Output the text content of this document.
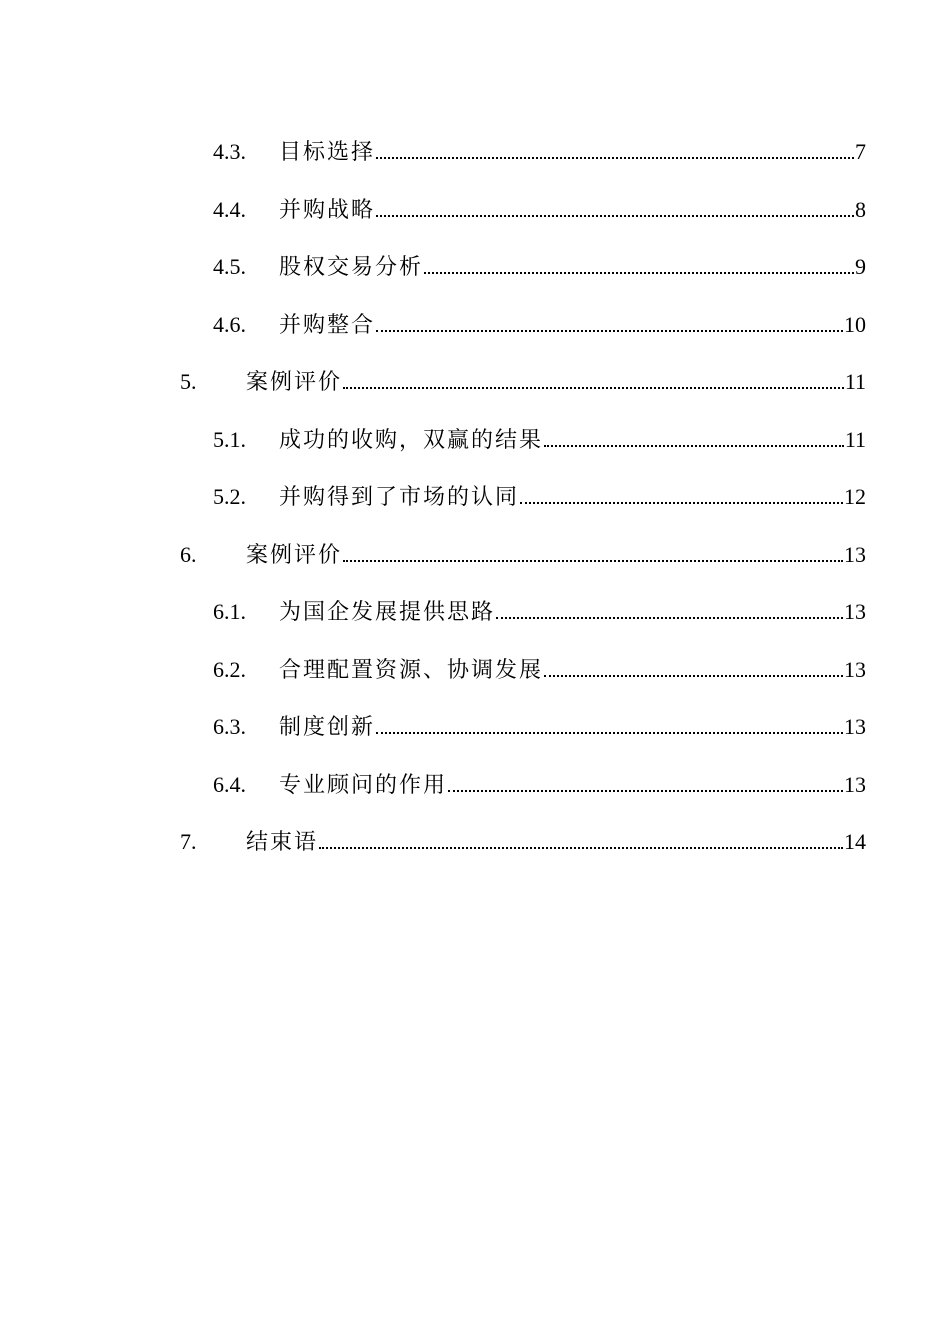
4.3.	目标选择	7
4.4.	并购战略	8
4.5.	股权交易分析	9
4.6.	并购整合	10
5.	案例评价	11
5.1.	成功的收购，双赢的结果	11
5.2.	并购得到了市场的认同	12
6.	案例评价	13
6.1.	为国企发展提供思路	13
6.2.	合理配置资源、协调发展	13
6.3.	制度创新	13
6.4.	专业顾问的作用	13
7.	结束语	14
